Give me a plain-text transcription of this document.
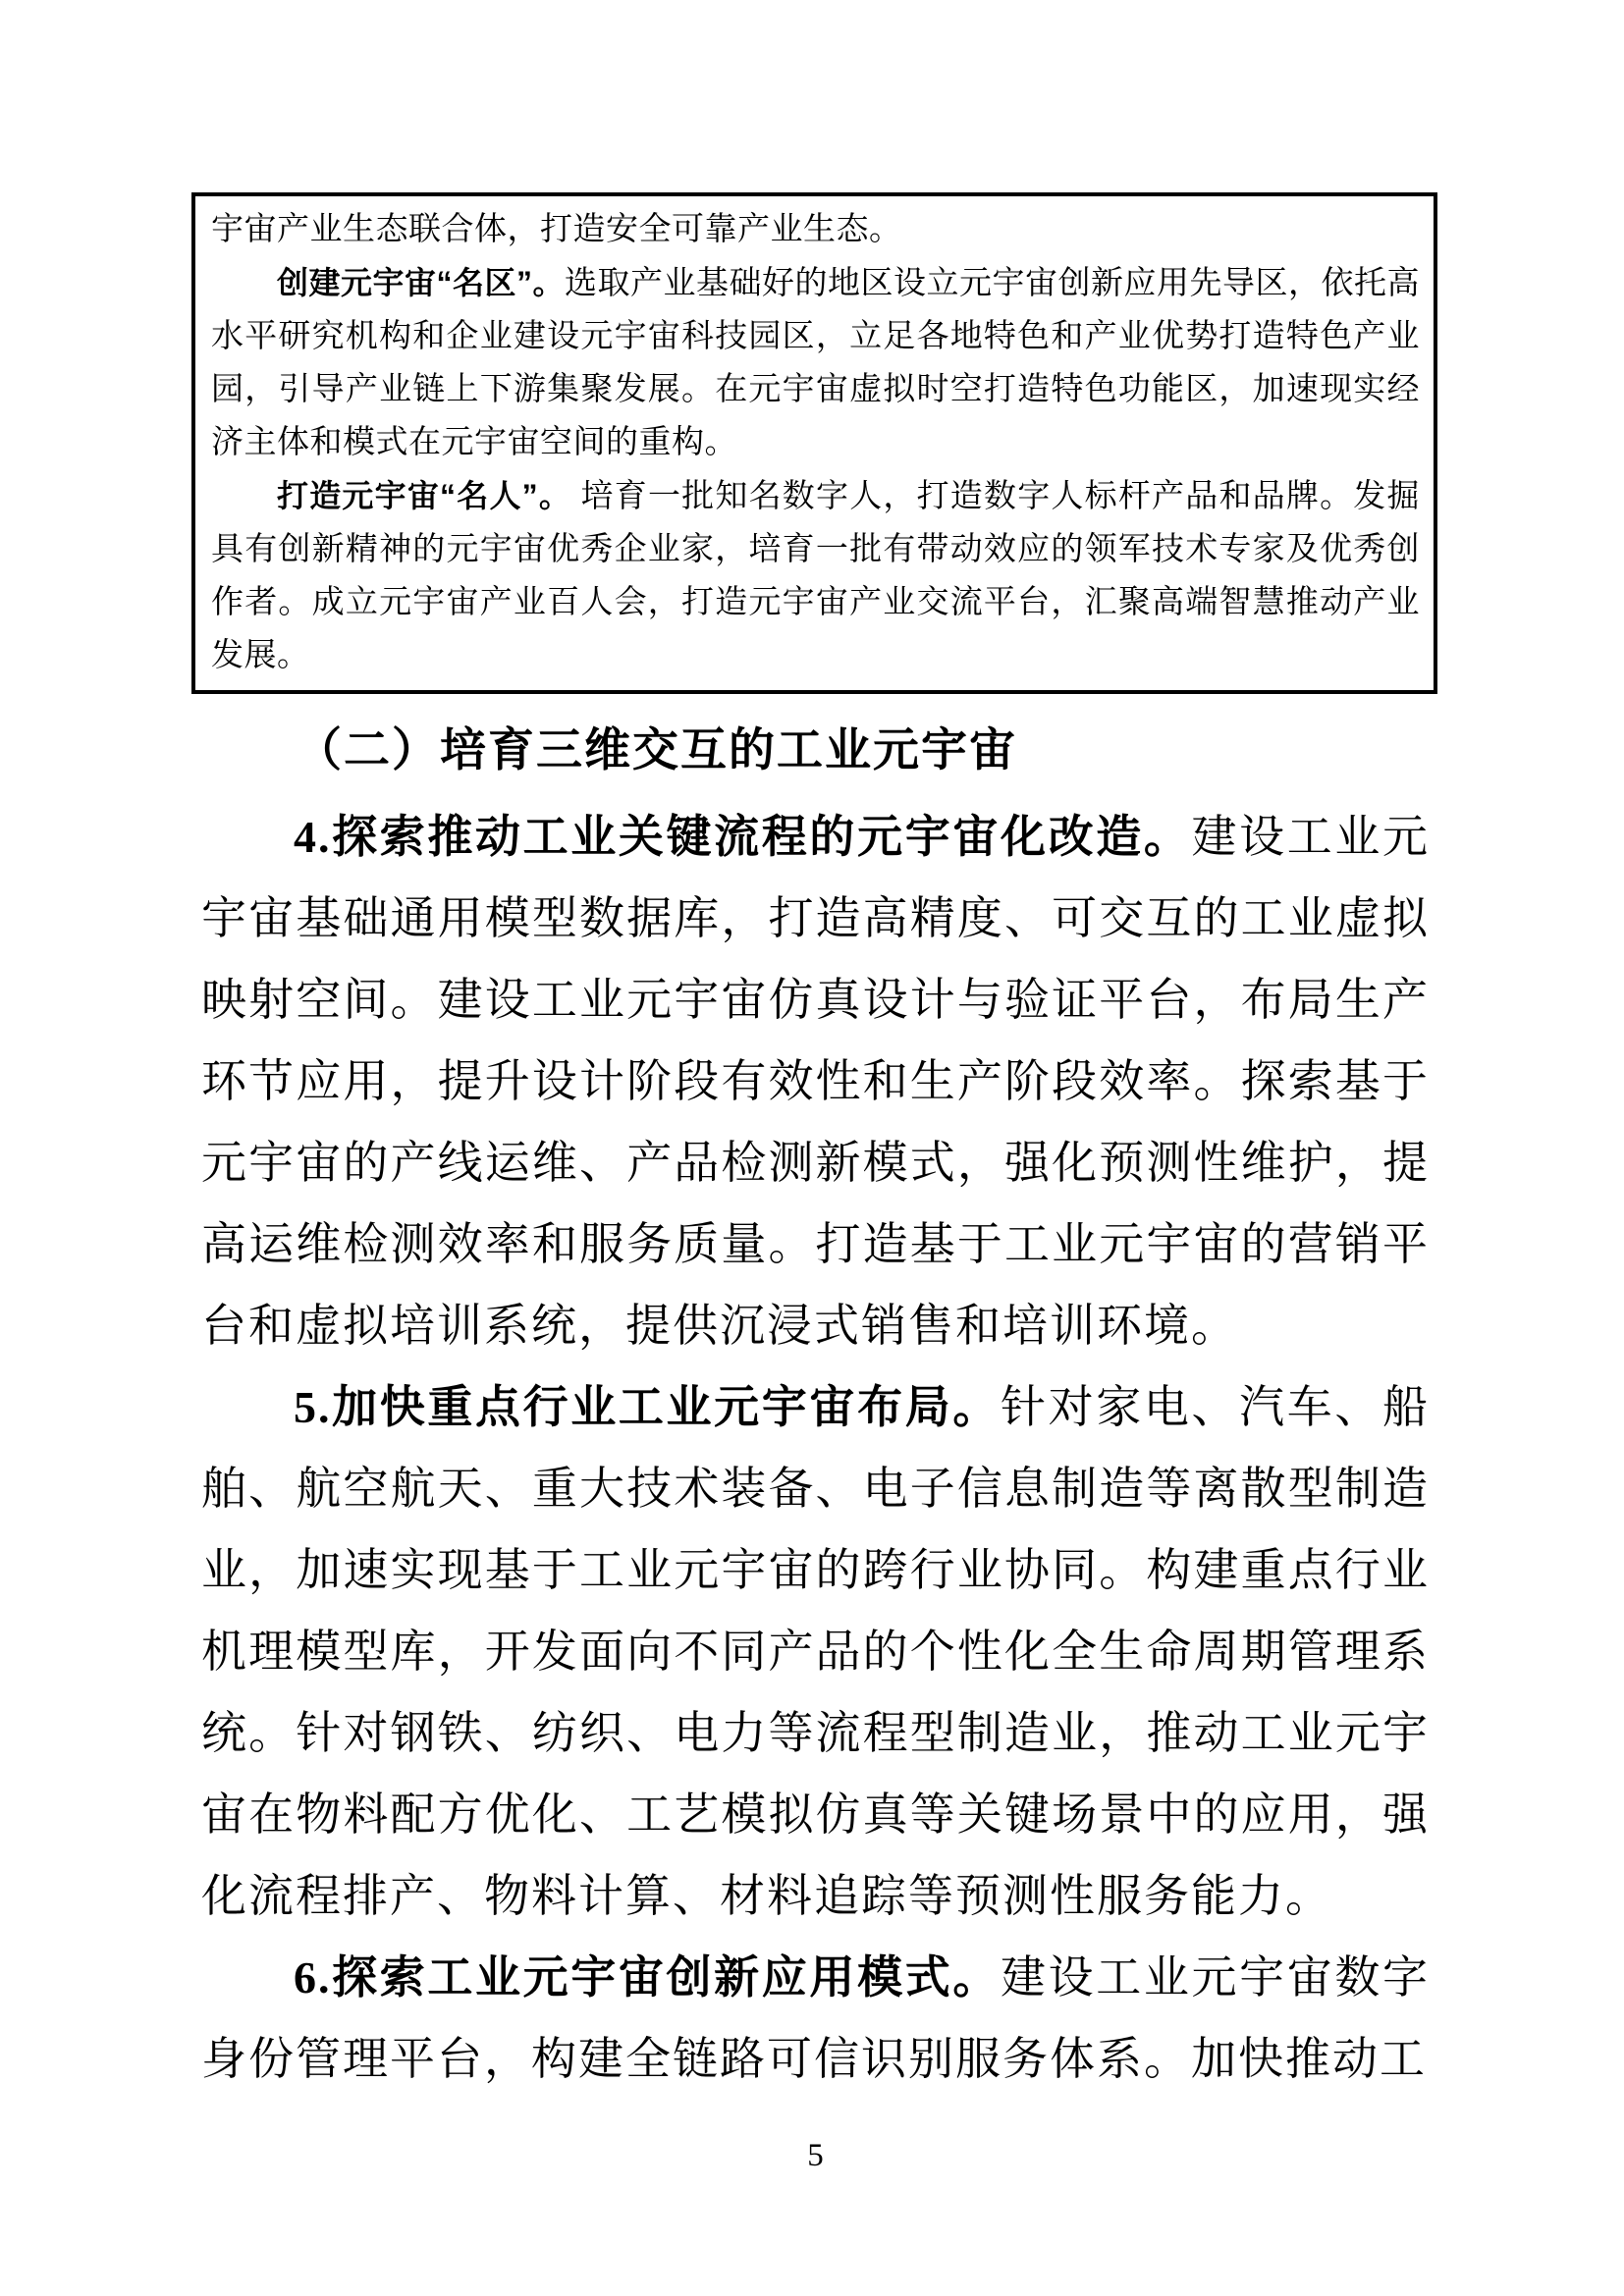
宇宙产业生态联合体，打造安全可靠产业生态。

创建元宇宙“名区”。选取产业基础好的地区设立元宇宙创新应用先导区，依托高水平研究机构和企业建设元宇宙科技园区，立足各地特色和产业优势打造特色产业园，引导产业链上下游集聚发展。在元宇宙虚拟时空打造特色功能区，加速现实经济主体和模式在元宇宙空间的重构。

打造元宇宙“名人”。 培育一批知名数字人，打造数字人标杆产品和品牌。发掘具有创新精神的元宇宙优秀企业家，培育一批有带动效应的领军技术专家及优秀创作者。成立元宇宙产业百人会，打造元宇宙产业交流平台，汇聚高端智慧推动产业发展。

（二）培育三维交互的工业元宇宙

4.探索推动工业关键流程的元宇宙化改造。建设工业元宇宙基础通用模型数据库，打造高精度、可交互的工业虚拟映射空间。建设工业元宇宙仿真设计与验证平台，布局生产环节应用，提升设计阶段有效性和生产阶段效率。探索基于元宇宙的产线运维、产品检测新模式，强化预测性维护，提高运维检测效率和服务质量。打造基于工业元宇宙的营销平台和虚拟培训系统，提供沉浸式销售和培训环境。

5.加快重点行业工业元宇宙布局。针对家电、汽车、船舶、航空航天、重大技术装备、电子信息制造等离散型制造业，加速实现基于工业元宇宙的跨行业协同。构建重点行业机理模型库，开发面向不同产品的个性化全生命周期管理系统。针对钢铁、纺织、电力等流程型制造业，推动工业元宇宙在物料配方优化、工艺模拟仿真等关键场景中的应用，强化流程排产、物料计算、材料追踪等预测性服务能力。

6.探索工业元宇宙创新应用模式。建设工业元宇宙数字身份管理平台，构建全链路可信识别服务体系。加快推动工

5
